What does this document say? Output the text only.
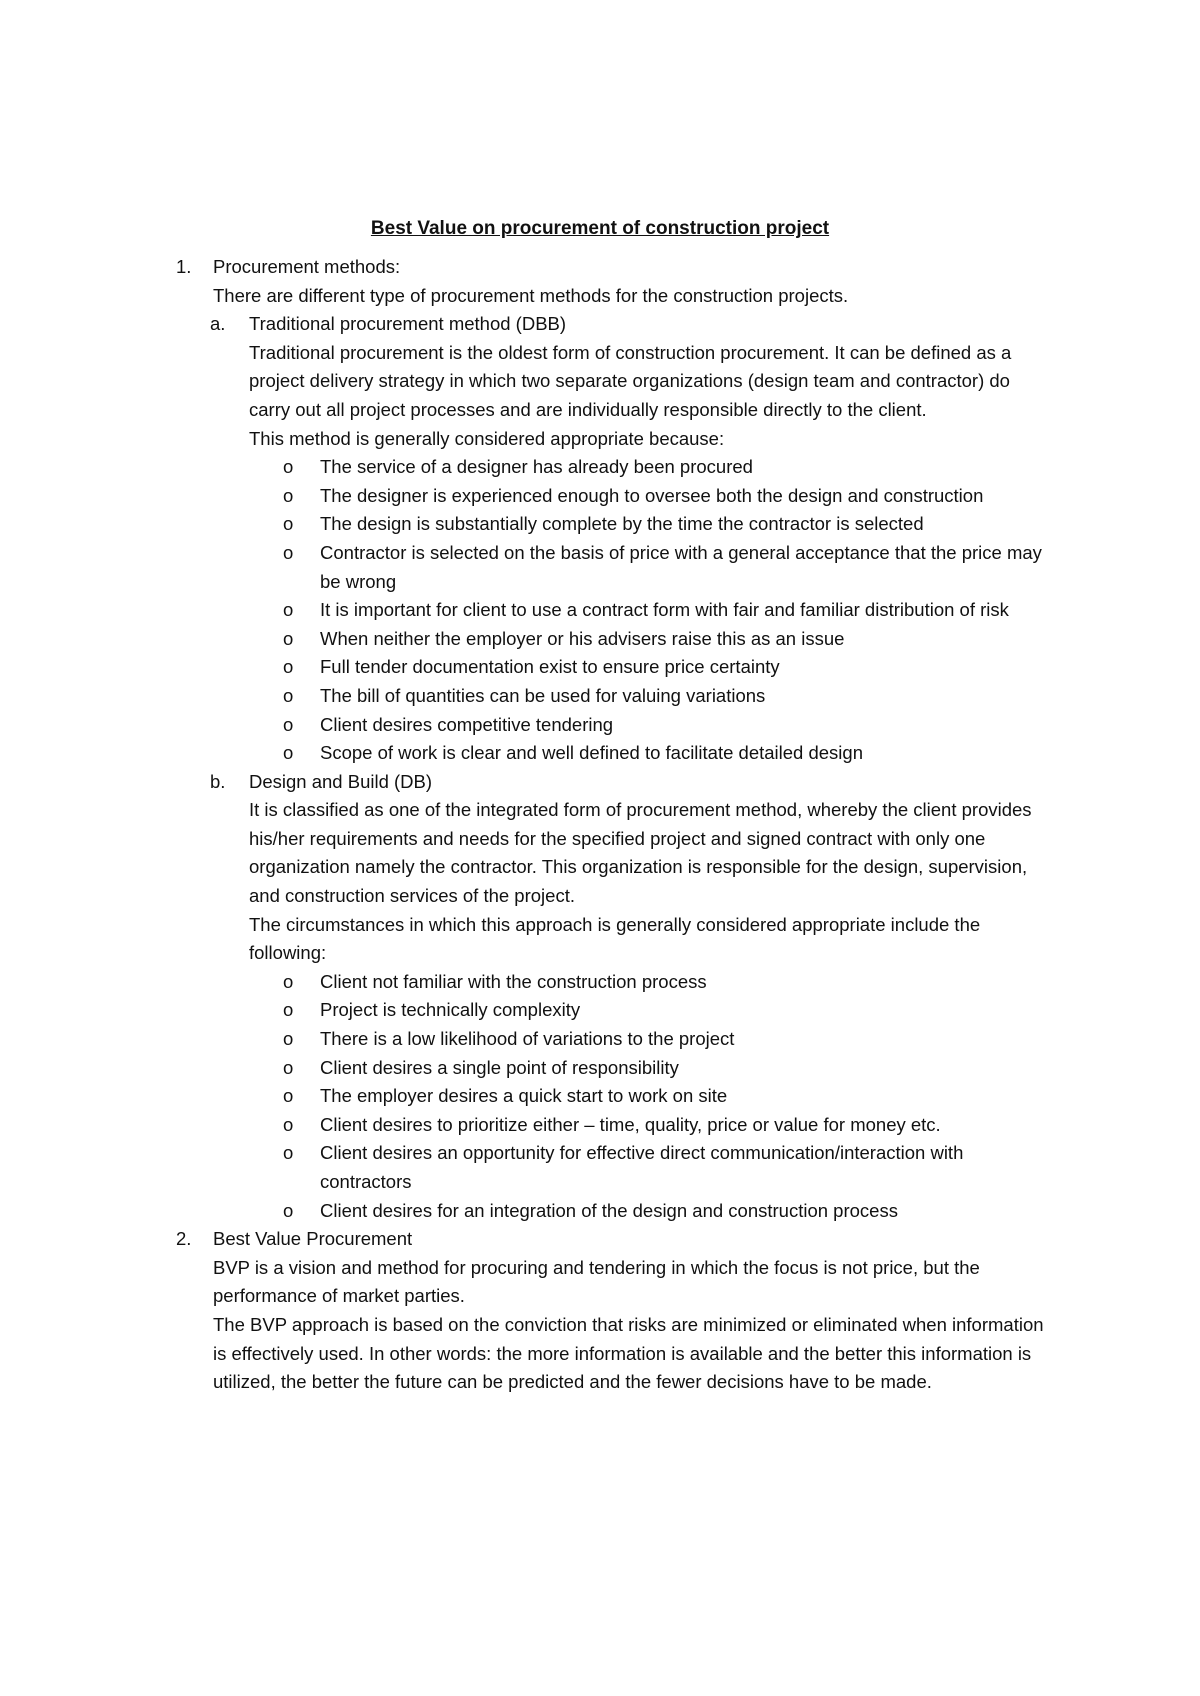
Best Value on procurement of construction project
1. Procurement methods:
There are different type of procurement methods for the construction projects.
a. Traditional procurement method (DBB)
Traditional procurement is the oldest form of construction procurement. It can be defined as a project delivery strategy in which two separate organizations (design team and contractor) do carry out all project processes and are individually responsible directly to the client.
This method is generally considered appropriate because:
o The service of a designer has already been procured
o The designer is experienced enough to oversee both the design and construction
o The design is substantially complete by the time the contractor is selected
o Contractor is selected on the basis of price with a general acceptance that the price may be wrong
o It is important for client to use a contract form with fair and familiar distribution of risk
o When neither the employer or his advisers raise this as an issue
o Full tender documentation exist to ensure price certainty
o The bill of quantities can be used for valuing variations
o Client desires competitive tendering
o Scope of work is clear and well defined to facilitate detailed design
b. Design and Build (DB)
It is classified as one of the integrated form of procurement method, whereby the client provides his/her requirements and needs for the specified project and signed contract with only one organization namely the contractor. This organization is responsible for the design, supervision, and construction services of the project.
The circumstances in which this approach is generally considered appropriate include the following:
o Client not familiar with the construction process
o Project is technically complexity
o There is a low likelihood of variations to the project
o Client desires a single point of responsibility
o The employer desires a quick start to work on site
o Client desires to prioritize either – time, quality, price or value for money etc.
o Client desires an opportunity for effective direct communication/interaction with contractors
o Client desires for an integration of the design and construction process
2. Best Value Procurement
BVP is a vision and method for procuring and tendering in which the focus is not price, but the performance of market parties.
The BVP approach is based on the conviction that risks are minimized or eliminated when information is effectively used. In other words: the more information is available and the better this information is utilized, the better the future can be predicted and the fewer decisions have to be made.
